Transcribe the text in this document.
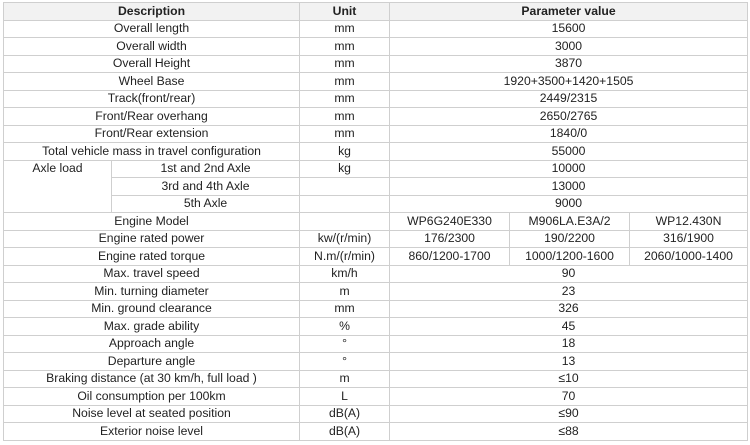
Description		Unit	Parameter value		
Overall length		mm	15600		
Overall width		mm	3000		
Overall Height		mm	3870		
Wheel Base		mm	1920+3500+1420+1505		
Track(front/rear)		mm	2449/2315		
Front/Rear overhang		mm	2650/2765		
Front/Rear extension		mm	1840/0		
Total vehicle mass in travel configuration		kg	55000		
Axle load	1st and 2nd Axle	kg	10000		
	3rd and 4th Axle		13000		
	5th Axle		9000		
Engine Model			WP6G240E330	M906LA.E3A/2	WP12.430N
Engine rated power		kw/(r/min)	176/2300	190/2200	316/1900
Engine rated torque		N.m/(r/min)	860/1200-1700	1000/1200-1600	2060/1000-1400
Max. travel speed		km/h	90		
Min. turning diameter		m	23		
Min. ground clearance		mm	326		
Max. grade ability		%	45		
Approach angle		°	18		
Departure angle		°	13		
Braking distance (at 30 km/h, full load )		m	≤10		
Oil consumption per 100km		L	70		
Noise level at seated position		dB(A)	≤90		
Exterior noise level		dB(A)	≤88		
